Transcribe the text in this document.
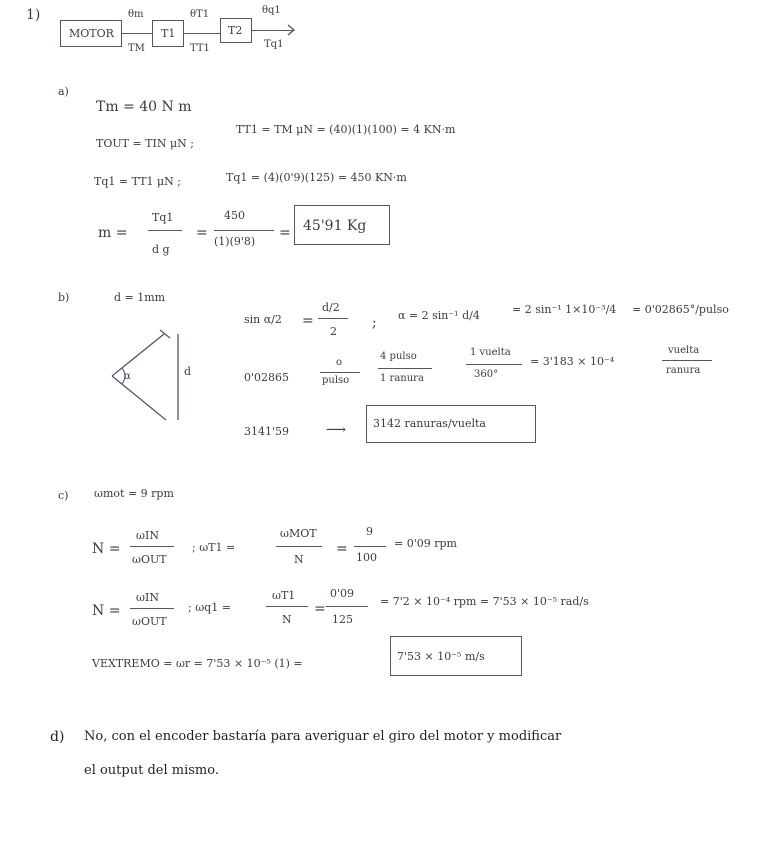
1)
MOTOR
θm
TM
T1
θT1
TT1
T2
θq1
Tq1
a)
Tm = 40 N m
TOUT = TIN μN ;
TT1 = TM μN = (40)(1)(100) = 4 KN·m
Tq1 = TT1 μN ;	Tq1 = (4)(0'9)(125) = 450 KN·m
m =
Tq1
d g
=
450
(1)(9'8)
= 45'91 Kg
b)	d = 1mm
α	d
sin α/2 =
d/2
2
; α = 2 sin⁻¹ d/4	= 2 sin⁻¹ 1×10⁻³/4 = 0'02865°/pulso
0'02865
o
pulso
4 pulso
1 ranura
1 vuelta
360°
= 3'183 × 10⁻⁴
vuelta
ranura
3141'59	⟶ 3142 ranuras/vuelta
c) ωmot = 9 rpm
N =
ωIN
ωOUT
; ωT1 =
ωMOT
N
=
9
100
= 0'09 rpm
N =
ωIN
ωOUT
; ωq1 =
ωT1
N
=
0'09
125
= 7'2 × 10⁻⁴ rpm = 7'53 × 10⁻⁵ rad/s
VEXTREMO = ωr = 7'53 × 10⁻⁵ (1) =
7'53 × 10⁻⁵ m/s
d) No, con el encoder bastaría para averiguar el giro del motor y modificar
el output del mismo.
